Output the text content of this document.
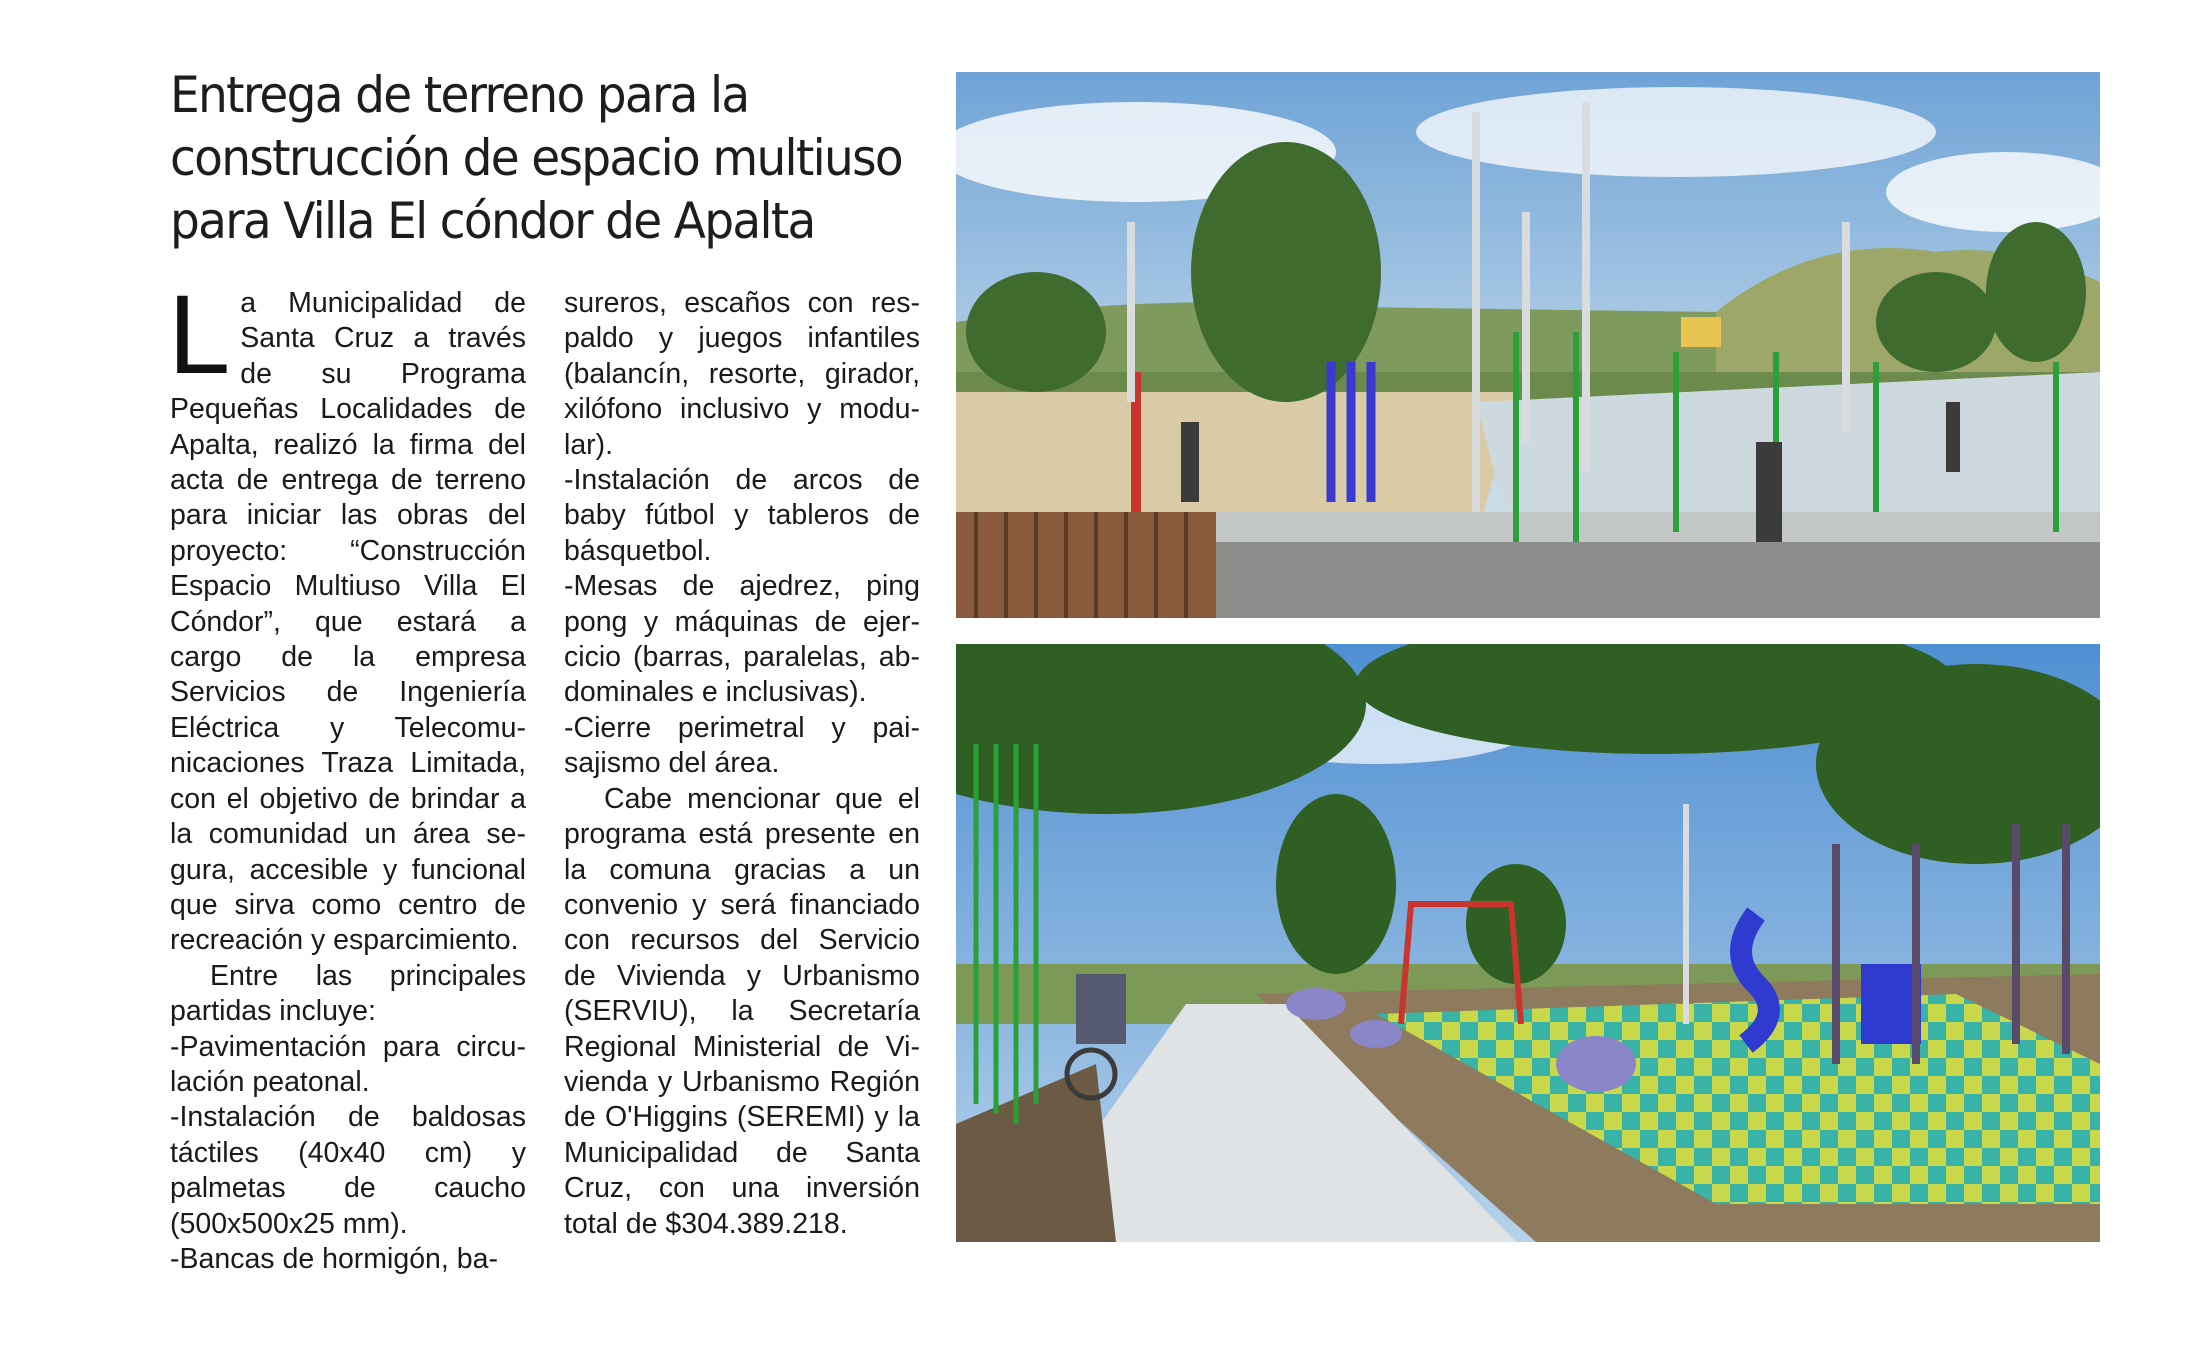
Entrega de terreno para la
construcción de espacio multiuso
para Villa El cóndor de Apalta

La Municipalidad de Santa Cruz a través de su Programa Pequeñas Localidades de Apalta, realizó la firma del acta de entrega de terreno para iniciar las obras del proyecto: “Construcción Espacio Multiuso Villa El Cóndor”, que estará a cargo de la empresa Servicios de Ingeniería Eléctrica y Telecomunicaciones Traza Limitada, con el objetivo de brindar a la comunidad un área segura, accesible y funcional que sirva como centro de recreación y esparcimiento.

Entre las principales partidas incluye:

-Pavimentación para circulación peatonal.

-Instalación de baldosas táctiles (40x40 cm) y palmetas de caucho (500x500x25 mm).

-Bancas de hormigón, ba-

sureros, escaños con respaldo y juegos infantiles (balancín, resorte, girador, xilófono inclusivo y modular).

-Instalación de arcos de baby fútbol y tableros de básquetbol.

-Mesas de ajedrez, ping pong y máquinas de ejercicio (barras, paralelas, abdominales e inclusivas).

-Cierre perimetral y paisajismo del área.

Cabe mencionar que el programa está presente en la comuna gracias a un convenio y será financiado con recursos del Servicio de Vivienda y Urbanismo (SERVIU), la Secretaría Regional Ministerial de Vivienda y Urbanismo Región de O'Higgins (SEREMI) y la Municipalidad de Santa Cruz, con una inversión total de $304.389.218.
